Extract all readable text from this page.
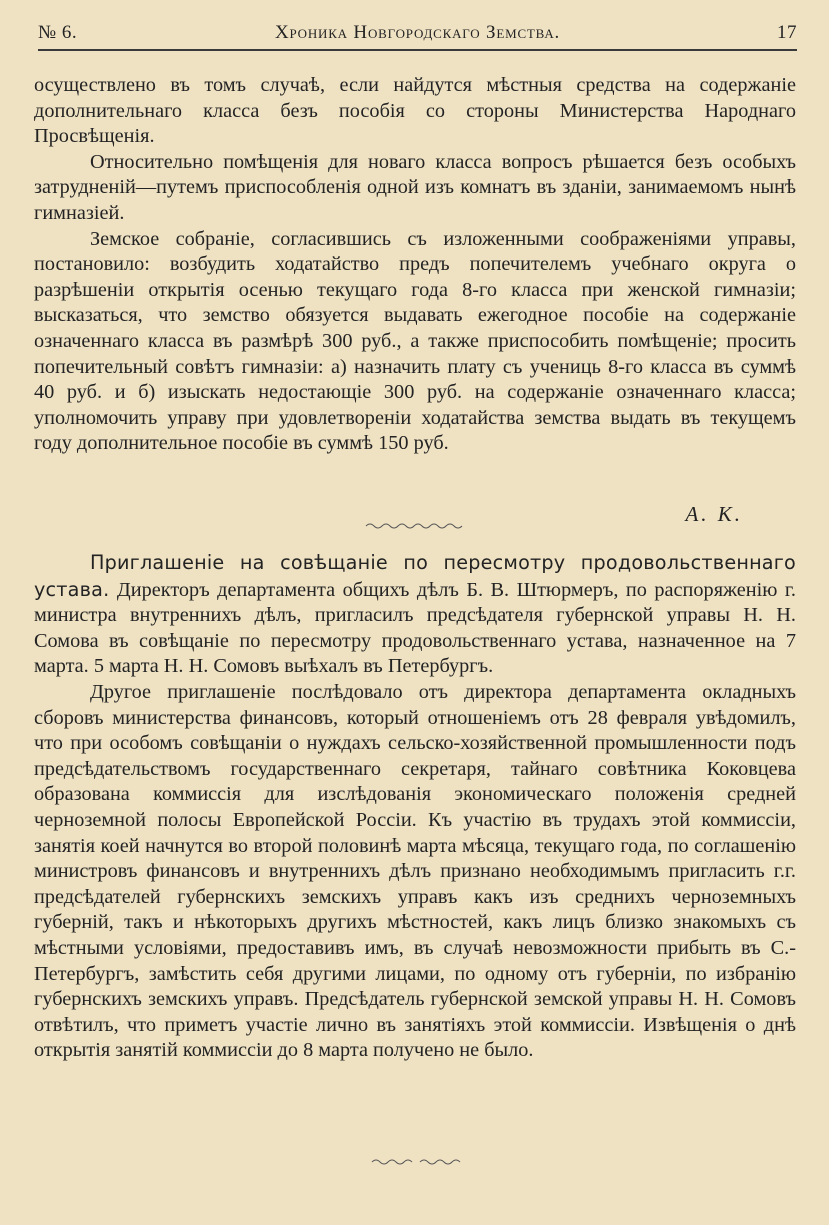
№ 6.	Хроника Новгородскаго Земства.	17

осуществлено въ томъ случаѣ, если найдутся мѣстныя средства на содержаніе дополнительнаго класса безъ пособія со стороны Министерства Народнаго Просвѣщенія.

Относительно помѣщенія для новаго класса вопросъ рѣшается безъ особыхъ затрудненій—путемъ приспособленія одной изъ комнатъ въ зданіи, занимаемомъ нынѣ гимназіей.

Земское собраніе, согласившись съ изложенными соображеніями управы, постановило: возбудить ходатайство предъ попечителемъ учебнаго округа о разрѣшеніи открытія осенью текущаго года 8-го класса при женской гимназіи; высказаться, что земство обязуется выдавать ежегодное пособіе на содержаніе означеннаго класса въ размѣрѣ 300 руб., а также приспособить помѣщеніе; просить попечительный совѣтъ гимназіи: а) назначить плату съ учениць 8-го класса въ суммѣ 40 руб. и б) изыскать недостающіе 300 руб. на содержаніе означеннаго класса; уполномочить управу при удовлетвореніи ходатайства земства выдать въ текущемъ году дополнительное пособіе въ суммѣ 150 руб.

А. К.

Приглашеніе на совѣщаніе по пересмотру продовольственнаго устава. Директоръ департамента общихъ дѣлъ Б. В. Штюрмеръ, по распоряженію г. министра внутреннихъ дѣлъ, пригласилъ предсѣдателя губернской управы Н. Н. Сомова въ совѣщаніе по пересмотру продовольственнаго устава, назначенное на 7 марта. 5 марта Н. Н. Сомовъ выѣхалъ въ Петербургъ.

Другое приглашеніе послѣдовало отъ директора департамента окладныхъ сборовъ министерства финансовъ, который отношеніемъ отъ 28 февраля увѣдомилъ, что при особомъ совѣщаніи о нуждахъ сельско-хозяйственной промышленности подъ предсѣдательствомъ государственнаго секретаря, тайнаго совѣтника Коковцева образована коммиссія для изслѣдованія экономическаго положенія средней черноземной полосы Европейской Россіи. Къ участію въ трудахъ этой коммиссіи, занятія коей начнутся во второй половинѣ марта мѣсяца, текущаго года, по соглашенію министровъ финансовъ и внутреннихъ дѣлъ признано необходимымъ пригласить г.г. предсѣдателей губернскихъ земскихъ управъ какъ изъ среднихъ черноземныхъ губерній, такъ и нѣкоторыхъ другихъ мѣстностей, какъ лицъ близко знакомыхъ съ мѣстными условіями, предоставивъ имъ, въ случаѣ невозможности прибыть въ С.-Петербургъ, замѣстить себя другими лицами, по одному отъ губерніи, по избранію губернскихъ земскихъ управъ. Предсѣдатель губернской земской управы Н. Н. Сомовъ отвѣтилъ, что приметъ участіе лично въ занятіяхъ этой коммиссіи. Извѣщенія о днѣ открытія занятій коммиссіи до 8 марта получено не было.
